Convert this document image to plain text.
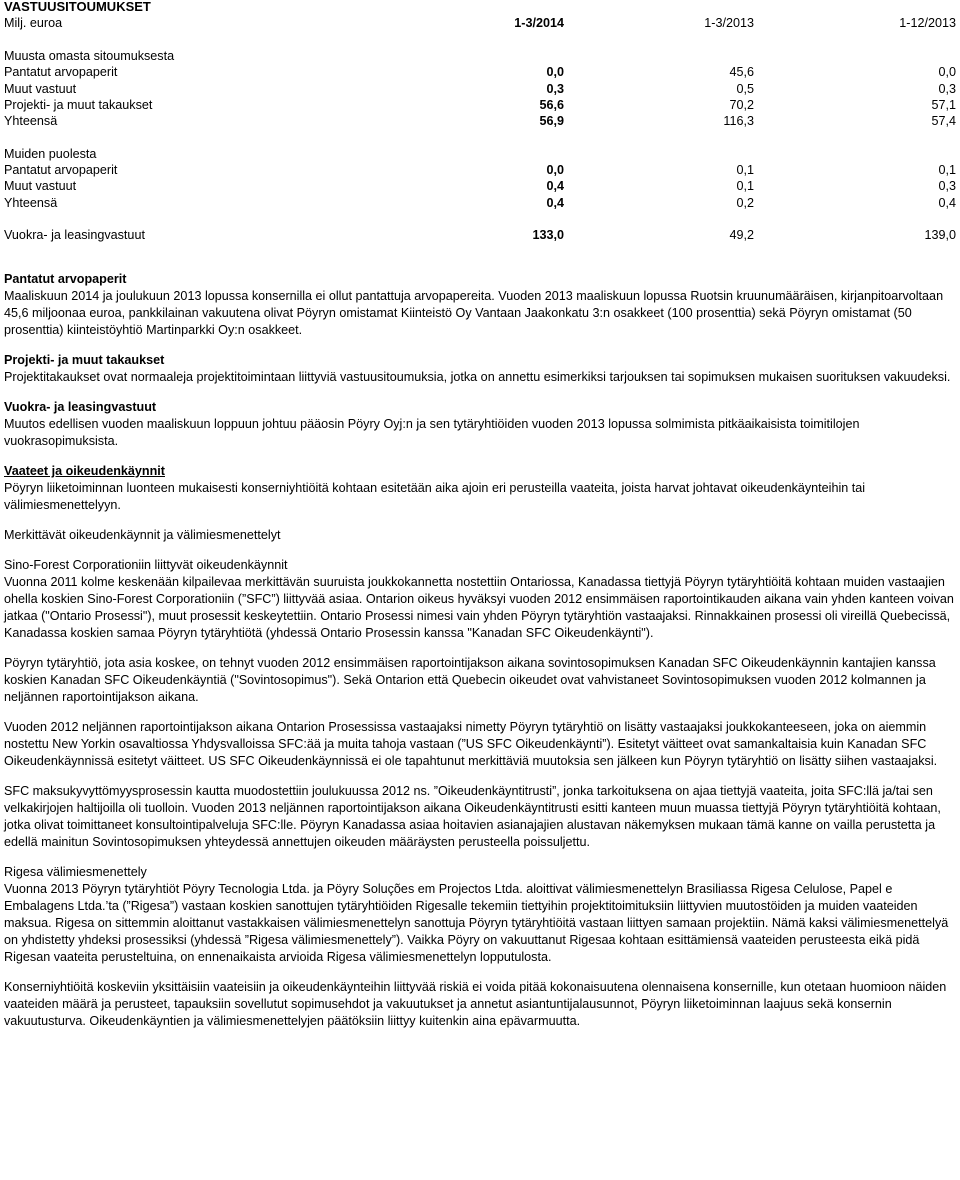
VASTUUSITOUMUKSET
Milj. euroa	1-3/2014	1-3/2013	1-12/2013

Muusta omasta sitoumuksesta			
Pantatut arvopaperit	0,0	45,6	0,0
Muut vastuut	0,3	0,5	0,3
Projekti- ja muut takaukset	56,6	70,2	57,1
Yhteensä	56,9	116,3	57,4

Muiden puolesta			
Pantatut arvopaperit	0,0	0,1	0,1
Muut vastuut	0,4	0,1	0,3
Yhteensä	0,4	0,2	0,4

Vuokra- ja leasingvastuut	133,0	49,2	139,0

Pantatut arvopaperit

Maaliskuun 2014 ja joulukuun 2013 lopussa konsernilla ei ollut pantattuja arvopapereita. Vuoden 2013 maaliskuun lopussa Ruotsin kruunumääräisen, kirjanpitoarvoltaan 45,6 miljoonaa euroa, pankkilainan vakuutena olivat Pöyryn omistamat Kiinteistö Oy Vantaan Jaakonkatu 3:n osakkeet (100 prosenttia) sekä Pöyryn omistamat (50 prosenttia) kiinteistöyhtiö Martinparkki Oy:n osakkeet.

Projekti- ja muut takaukset

Projektitakaukset ovat normaaleja projektitoimintaan liittyviä vastuusitoumuksia, jotka on annettu esimerkiksi tarjouksen tai sopimuksen mukaisen suorituksen vakuudeksi.

Vuokra- ja leasingvastuut

Muutos edellisen vuoden maaliskuun loppuun johtuu pääosin Pöyry Oyj:n ja sen tytäryhtiöiden vuoden 2013 lopussa solmimista pitkäaikaisista toimitilojen vuokrasopimuksista.

Vaateet ja oikeudenkäynnit

Pöyryn liiketoiminnan luonteen mukaisesti konserniyhtiöitä kohtaan esitetään aika ajoin eri perusteilla vaateita, joista harvat johtavat oikeudenkäynteihin tai välimiesmenettelyyn.

Merkittävät oikeudenkäynnit ja välimiesmenettelyt

Sino-Forest Corporationiin liittyvät oikeudenkäynnit

Vuonna 2011 kolme keskenään kilpailevaa merkittävän suuruista joukkokannetta nostettiin Ontariossa, Kanadassa tiettyjä Pöyryn tytäryhtiöitä kohtaan muiden vastaajien ohella koskien Sino-Forest Corporationiin (”SFC”) liittyvää asiaa. Ontarion oikeus hyväksyi vuoden 2012 ensimmäisen raportointikauden aikana vain yhden kanteen voivan jatkaa ("Ontario Prosessi"), muut prosessit keskeytettiin. Ontario Prosessi nimesi vain yhden Pöyryn tytäryhtiön vastaajaksi. Rinnakkainen prosessi oli vireillä Quebecissä, Kanadassa koskien samaa Pöyryn tytäryhtiötä (yhdessä Ontario Prosessin kanssa "Kanadan SFC Oikeudenkäynti").

Pöyryn tytäryhtiö, jota asia koskee, on tehnyt vuoden 2012 ensimmäisen raportointijakson aikana sovintosopimuksen Kanadan SFC Oikeudenkäynnin kantajien kanssa koskien Kanadan SFC Oikeudenkäyntiä ("Sovintosopimus"). Sekä Ontarion että Quebecin oikeudet ovat vahvistaneet Sovintosopimuksen vuoden 2012 kolmannen ja neljännen raportointijakson aikana.

Vuoden 2012 neljännen raportointijakson aikana Ontarion Prosessissa vastaajaksi nimetty Pöyryn tytäryhtiö on lisätty vastaajaksi joukkokanteeseen, joka on aiemmin nostettu New Yorkin osavaltiossa Yhdysvalloissa SFC:ää ja muita tahoja vastaan (”US SFC Oikeudenkäynti”). Esitetyt väitteet ovat samankaltaisia kuin Kanadan SFC Oikeudenkäynnissä esitetyt väitteet. US SFC Oikeudenkäynnissä ei ole tapahtunut merkittäviä muutoksia sen jälkeen kun Pöyryn tytäryhtiö on lisätty siihen vastaajaksi.

SFC maksukyvyttömyysprosessin kautta muodostettiin joulukuussa 2012 ns. ”Oikeudenkäyntitrusti”, jonka tarkoituksena on ajaa tiettyjä vaateita, joita SFC:llä ja/tai sen velkakirjojen haltijoilla oli tuolloin. Vuoden 2013 neljännen raportointijakson aikana Oikeudenkäyntitrusti esitti kanteen muun muassa tiettyjä Pöyryn tytäryhtiöitä kohtaan, jotka olivat toimittaneet konsultointipalveluja SFC:lle. Pöyryn Kanadassa asiaa hoitavien asianajajien alustavan näkemyksen mukaan tämä kanne on vailla perustetta ja edellä mainitun Sovintosopimuksen yhteydessä annettujen oikeuden määräysten perusteella poissuljettu.

Rigesa välimiesmenettely

Vuonna 2013 Pöyryn tytäryhtiöt Pöyry Tecnologia Ltda. ja Pöyry Soluções em Projectos Ltda. aloittivat välimiesmenettelyn Brasiliassa Rigesa Celulose, Papel e Embalagens Ltda.’ta (”Rigesa”) vastaan koskien sanottujen tytäryhtiöiden Rigesalle tekemiin tiettyihin projektitoimituksiin liittyvien muutostöiden ja muiden vaateiden maksua. Rigesa on sittemmin aloittanut vastakkaisen välimiesmenettelyn sanottuja Pöyryn tytäryhtiöitä vastaan liittyen samaan projektiin. Nämä kaksi välimiesmenettelyä on yhdistetty yhdeksi prosessiksi (yhdessä ”Rigesa välimiesmenettely”). Vaikka Pöyry on vakuuttanut Rigesaa kohtaan esittämiensä vaateiden perusteesta eikä pidä Rigesan vaateita perusteltuina, on ennenaikaista arvioida Rigesa välimiesmenettelyn lopputulosta.

Konserniyhtiöitä koskeviin yksittäisiin vaateisiin ja oikeudenkäynteihin liittyvää riskiä ei voida pitää kokonaisuutena olennaisena konsernille, kun otetaan huomioon näiden vaateiden määrä ja perusteet, tapauksiin sovellutut sopimusehdot ja vakuutukset ja annetut asiantuntijalausunnot, Pöyryn liiketoiminnan laajuus sekä konsernin vakuutusturva. Oikeudenkäyntien ja välimiesmenettelyjen päätöksiin liittyy kuitenkin aina epävarmuutta.
